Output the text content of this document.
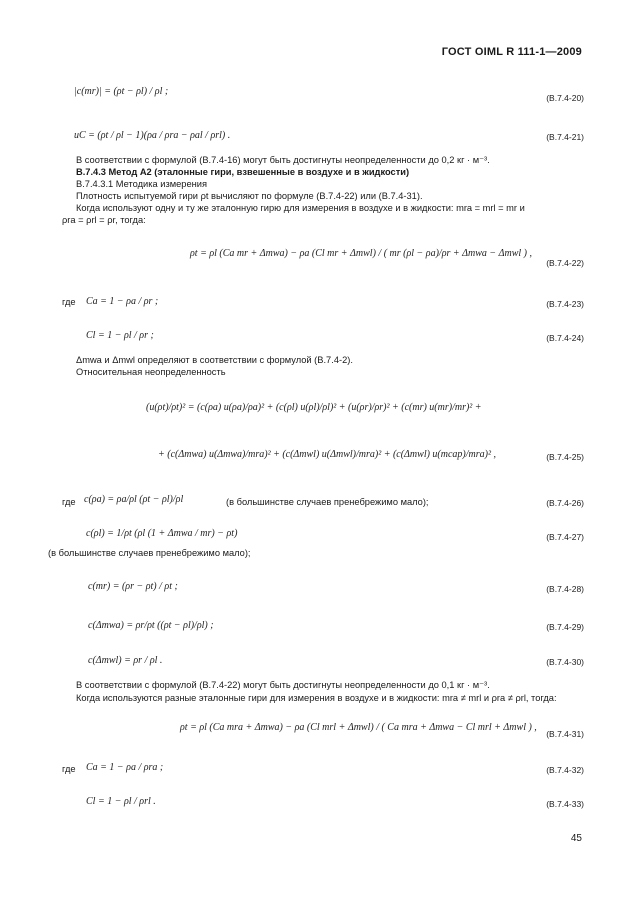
ГОСТ OIML R 111-1—2009
|c(mr)| = (ρt − ρl) / ρl ;
(B.7.4-20)
uC = (ρt / ρl − 1)(ρa / ρra − ρal / ρrl) .	(B.7.4-21)
В соответствии с формулой (B.7.4-16) могут быть достигнуты неопределенности до 0,2 кг · м⁻³.
B.7.4.3 Метод А2 (эталонные гири, взвешенные в воздухе и в жидкости)
B.7.4.3.1 Методика измерения
Плотность испытуемой гири ρt вычисляют по формуле (B.7.4-22) или (B.7.4-31).
Когда используют одну и ту же эталонную гирю для измерения в воздухе и в жидкости: mra = mrl = mr и
ρra = ρrl = ρr, тогда:
ρt = ρl (Ca mr + Δmwa) − ρa (Cl mr + Δmwl) / ( mr (ρl − ρa)/ρr + Δmwa − Δmwl ) ,
(B.7.4-22)
где Ca = 1 − ρa / ρr ;	(B.7.4-23)
Cl = 1 − ρl / ρr ;	(B.7.4-24)
Δmwa и Δmwl определяют в соответствии с формулой (B.7.4-2).
Относительная неопределенность
(u(ρt)/ρt)² = (c(ρa) u(ρa)/ρa)² + (c(ρl) u(ρl)/ρl)² + (u(ρr)/ρr)² + (c(mr) u(mr)/mr)² +
+ (c(Δmwa) u(Δmwa)/mra)² + (c(Δmwl) u(Δmwl)/mra)² + (c(Δmwl) u(mcap)/mra)² ,	(B.7.4-25)
где c(ρa) = ρa/ρl (ρt − ρl)/ρl	(в большинстве случаев пренебрежимо мало);	(B.7.4-26)
c(ρl) = 1/ρt (ρl (1 + Δmwa / mr) − ρt)	(B.7.4-27)
(в большинстве случаев пренебрежимо мало);
c(mr) = (ρr − ρt) / ρt ;	(B.7.4-28)
c(Δmwa) = ρr/ρt ((ρt − ρl)/ρl) ;	(B.7.4-29)
c(Δmwl) = ρr / ρl .	(B.7.4-30)
В соответствии с формулой (B.7.4-22) могут быть достигнуты неопределенности до 0,1 кг · м⁻³.
Когда используются разные эталонные гири для измерения в воздухе и в жидкости: mra ≠ mrl и ρra ≠ ρrl, тогда:
ρt = ρl (Ca mra + Δmwa) − ρa (Cl mrl + Δmwl) / ( Ca mra + Δmwa − Cl mrl + Δmwl ) ,
(B.7.4-31)
где Ca = 1 − ρa / ρra ;	(B.7.4-32)
Cl = 1 − ρl / ρrl .	(B.7.4-33)
45
